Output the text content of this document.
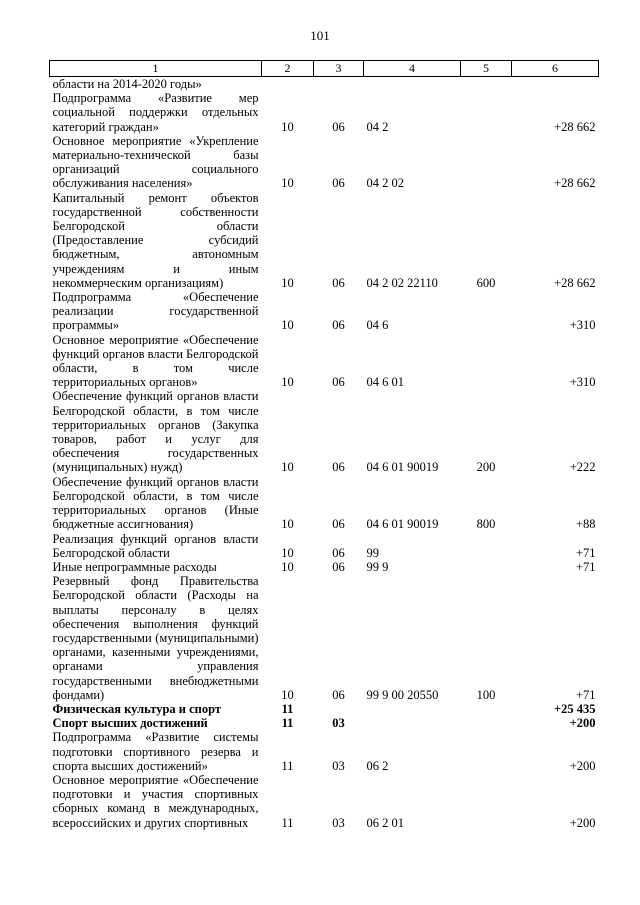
101
1	2	3	4	5	6
области на 2014-2020 годы»					
Подпрограмма «Развитие мер социальной поддержки отдельных категорий граждан»	10	06	04 2		+28 662
Основное мероприятие «Укрепление материально-технической базы организаций социального обслуживания населения»	10	06	04 2 02		+28 662
Капитальный ремонт объектов государственной собственности Белгородской области (Предоставление субсидий бюджетным, автономным учреждениям и иным некоммерческим организациям)	10	06	04 2 02 22110	600	+28 662
Подпрограмма «Обеспечение реализации государственной программы»	10	06	04 6		+310
Основное мероприятие «Обеспечение функций органов власти Белгородской области, в том числе территориальных органов»	10	06	04 6 01		+310
Обеспечение функций органов власти Белгородской области, в том числе территориальных органов (Закупка товаров, работ и услуг для обеспечения государственных (муниципальных) нужд)	10	06	04 6 01 90019	200	+222
Обеспечение функций органов власти Белгородской области, в том числе территориальных органов (Иные бюджетные ассигнования)	10	06	04 6 01 90019	800	+88
Реализация функций органов власти Белгородской области	10	06	99		+71
Иные непрограммные расходы	10	06	99 9		+71
Резервный фонд Правительства Белгородской области (Расходы на выплаты персоналу в целях обеспечения выполнения функций государственными (муниципальными) органами, казенными учреждениями, органами управления государственными внебюджетными фондами)	10	06	99 9 00 20550	100	+71
Физическая культура и спорт	11				+25 435
Спорт высших достижений	11	03			+200
Подпрограмма «Развитие системы подготовки спортивного резерва и спорта высших достижений»	11	03	06 2		+200
Основное мероприятие «Обеспечение подготовки и участия спортивных сборных команд в международных, всероссийских и других спортивных	11	03	06 2 01		+200
